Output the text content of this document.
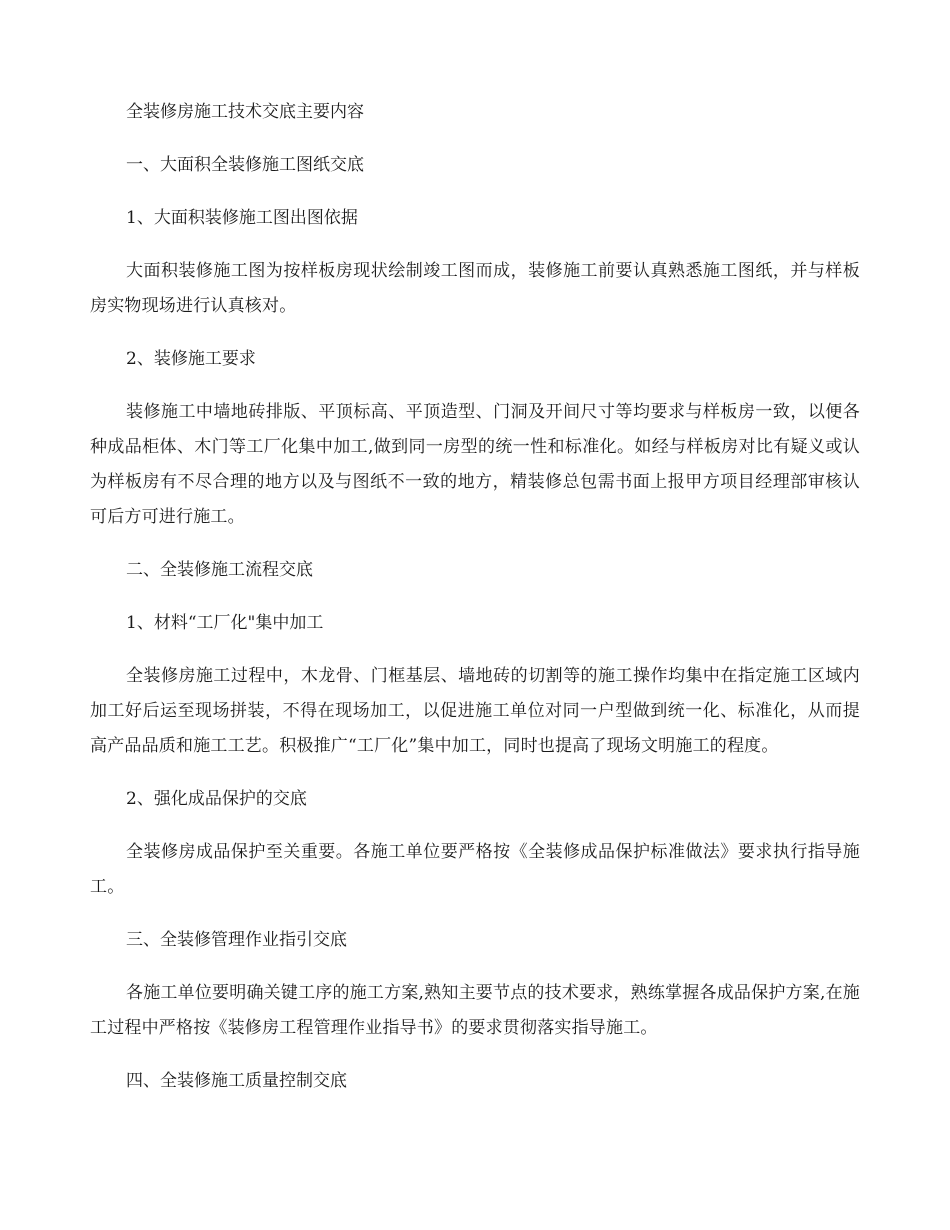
全装修房施工技术交底主要内容

一、大面积全装修施工图纸交底

1、大面积装修施工图出图依据

大面积装修施工图为按样板房现状绘制竣工图而成，装修施工前要认真熟悉施工图纸，并与样板房实物现场进行认真核对。

2、装修施工要求

装修施工中墙地砖排版、平顶标高、平顶造型、门洞及开间尺寸等均要求与样板房一致，以便各种成品柜体、木门等工厂化集中加工,做到同一房型的统一性和标准化。如经与样板房对比有疑义或认为样板房有不尽合理的地方以及与图纸不一致的地方，精装修总包需书面上报甲方项目经理部审核认可后方可进行施工。

二、全装修施工流程交底

1、材料“工厂化"集中加工

全装修房施工过程中，木龙骨、门框基层、墙地砖的切割等的施工操作均集中在指定施工区域内加工好后运至现场拼装，不得在现场加工，以促进施工单位对同一户型做到统一化、标准化，从而提高产品品质和施工工艺。积极推广“工厂化”集中加工，同时也提高了现场文明施工的程度。

2、强化成品保护的交底

全装修房成品保护至关重要。各施工单位要严格按《全装修成品保护标准做法》要求执行指导施工。

三、全装修管理作业指引交底

各施工单位要明确关键工序的施工方案,熟知主要节点的技术要求，熟练掌握各成品保护方案,在施工过程中严格按《装修房工程管理作业指导书》的要求贯彻落实指导施工。

四、全装修施工质量控制交底
